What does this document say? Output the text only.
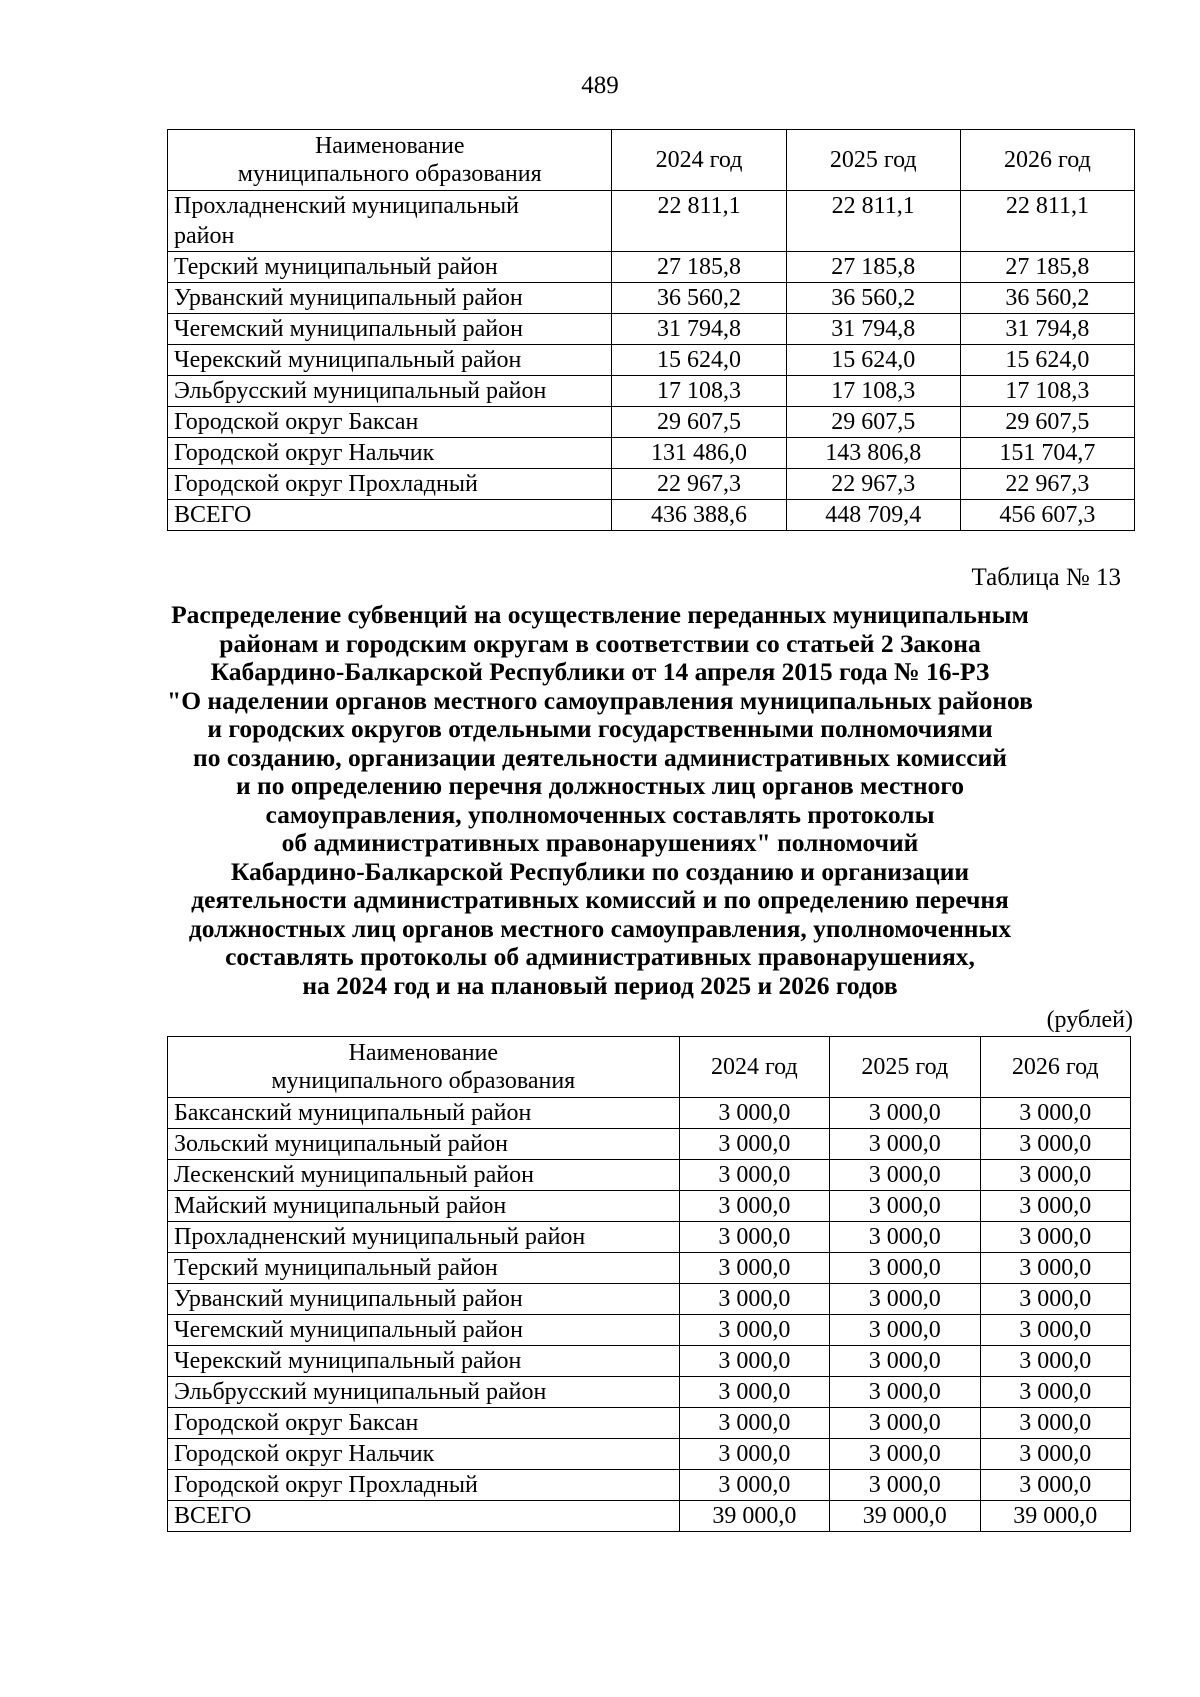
489
Наименование
муниципального образования	2024 год	2025 год	2026 год
Прохладненский муниципальный
район	22 811,1	22 811,1	22 811,1
Терский муниципальный район	27 185,8	27 185,8	27 185,8
Урванский муниципальный район	36 560,2	36 560,2	36 560,2
Чегемский муниципальный район	31 794,8	31 794,8	31 794,8
Черекский муниципальный район	15 624,0	15 624,0	15 624,0
Эльбрусский муниципальный район	17 108,3	17 108,3	17 108,3
Городской округ Баксан	29 607,5	29 607,5	29 607,5
Городской округ Нальчик	131 486,0	143 806,8	151 704,7
Городской округ Прохладный	22 967,3	22 967,3	22 967,3
ВСЕГО	436 388,6	448 709,4	456 607,3
Таблица № 13
Распределение субвенций на осуществление переданных муниципальным
районам и городским округам в соответствии со статьей 2 Закона
Кабардино-Балкарской Республики от 14 апреля 2015 года № 16-РЗ
"О наделении органов местного самоуправления муниципальных районов
и городских округов отдельными государственными полномочиями
по созданию, организации деятельности административных комиссий
и по определению перечня должностных лиц органов местного
самоуправления, уполномоченных составлять протоколы
об административных правонарушениях" полномочий
Кабардино-Балкарской Республики по созданию и организации
деятельности административных комиссий и по определению перечня
должностных лиц органов местного самоуправления, уполномоченных
составлять протоколы об административных правонарушениях,
на 2024 год и на плановый период 2025 и 2026 годов
(рублей)
Наименование
муниципального образования	2024 год	2025 год	2026 год
Баксанский муниципальный район	3 000,0	3 000,0	3 000,0
Зольский муниципальный район	3 000,0	3 000,0	3 000,0
Лескенский муниципальный район	3 000,0	3 000,0	3 000,0
Майский муниципальный район	3 000,0	3 000,0	3 000,0
Прохладненский муниципальный район	3 000,0	3 000,0	3 000,0
Терский муниципальный район	3 000,0	3 000,0	3 000,0
Урванский муниципальный район	3 000,0	3 000,0	3 000,0
Чегемский муниципальный район	3 000,0	3 000,0	3 000,0
Черекский муниципальный район	3 000,0	3 000,0	3 000,0
Эльбрусский муниципальный район	3 000,0	3 000,0	3 000,0
Городской округ Баксан	3 000,0	3 000,0	3 000,0
Городской округ Нальчик	3 000,0	3 000,0	3 000,0
Городской округ Прохладный	3 000,0	3 000,0	3 000,0
ВСЕГО	39 000,0	39 000,0	39 000,0
